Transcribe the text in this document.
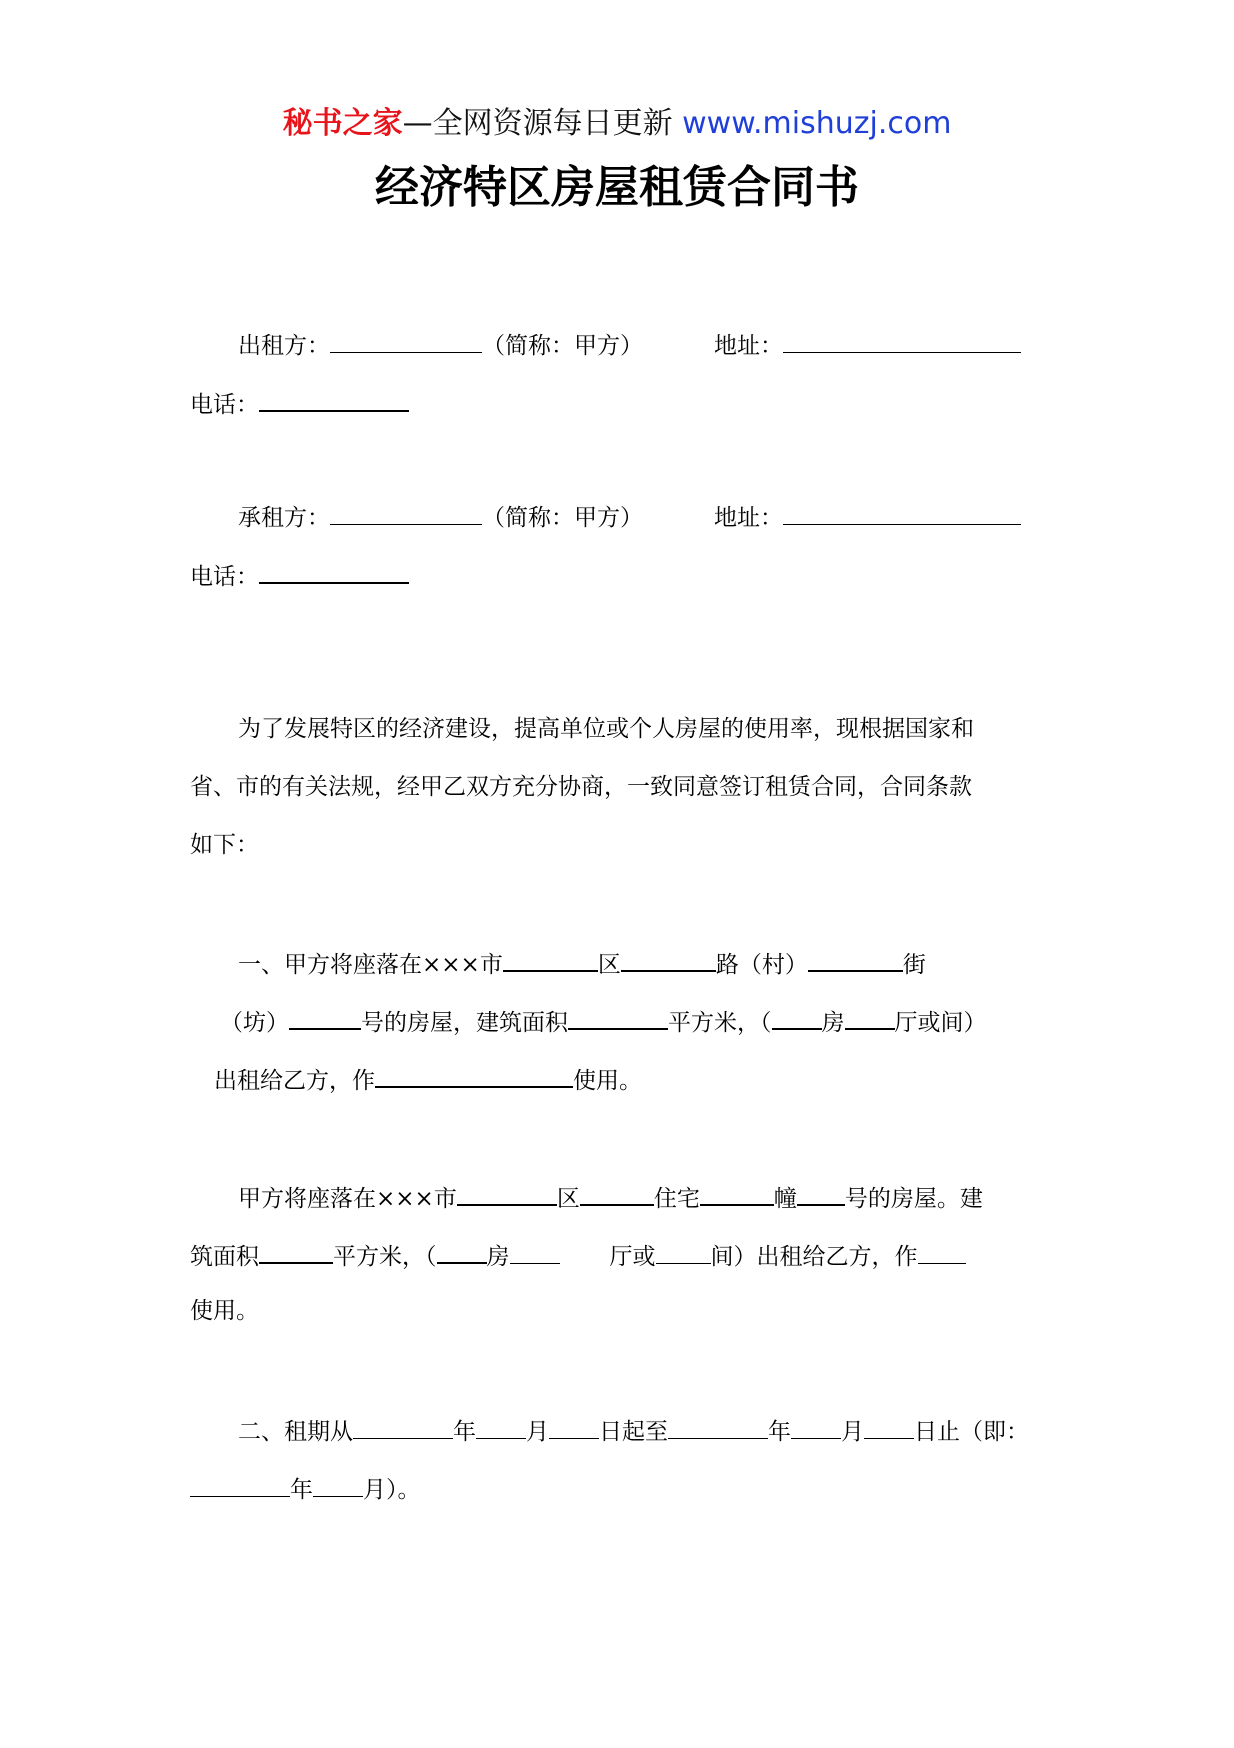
秘书之家—全网资源每日更新 www.mishuzj.com
经济特区房屋租赁合同书
出租方：	（简称：甲方）	地址：
电话：
承租方：	（简称：甲方）	地址：
电话：
为了发展特区的经济建设，提高单位或个人房屋的使用率，现根据国家和
省、市的有关法规，经甲乙双方充分协商，一致同意签订租赁合同，合同条款
如下：
一、甲方将座落在×××市	区	路（村）	街
（坊）	号的房屋，建筑面积	平方米，（ 房 厅或间）
出租给乙方，作	使用。
甲方将座落在×××市	区	住宅	幢 号的房屋。建
筑面积	平方米，（ 房	厅或 间）出租给乙方，作
使用。
二、租期从	年 月 日起至	年 月 日止（即：
年 月）。
